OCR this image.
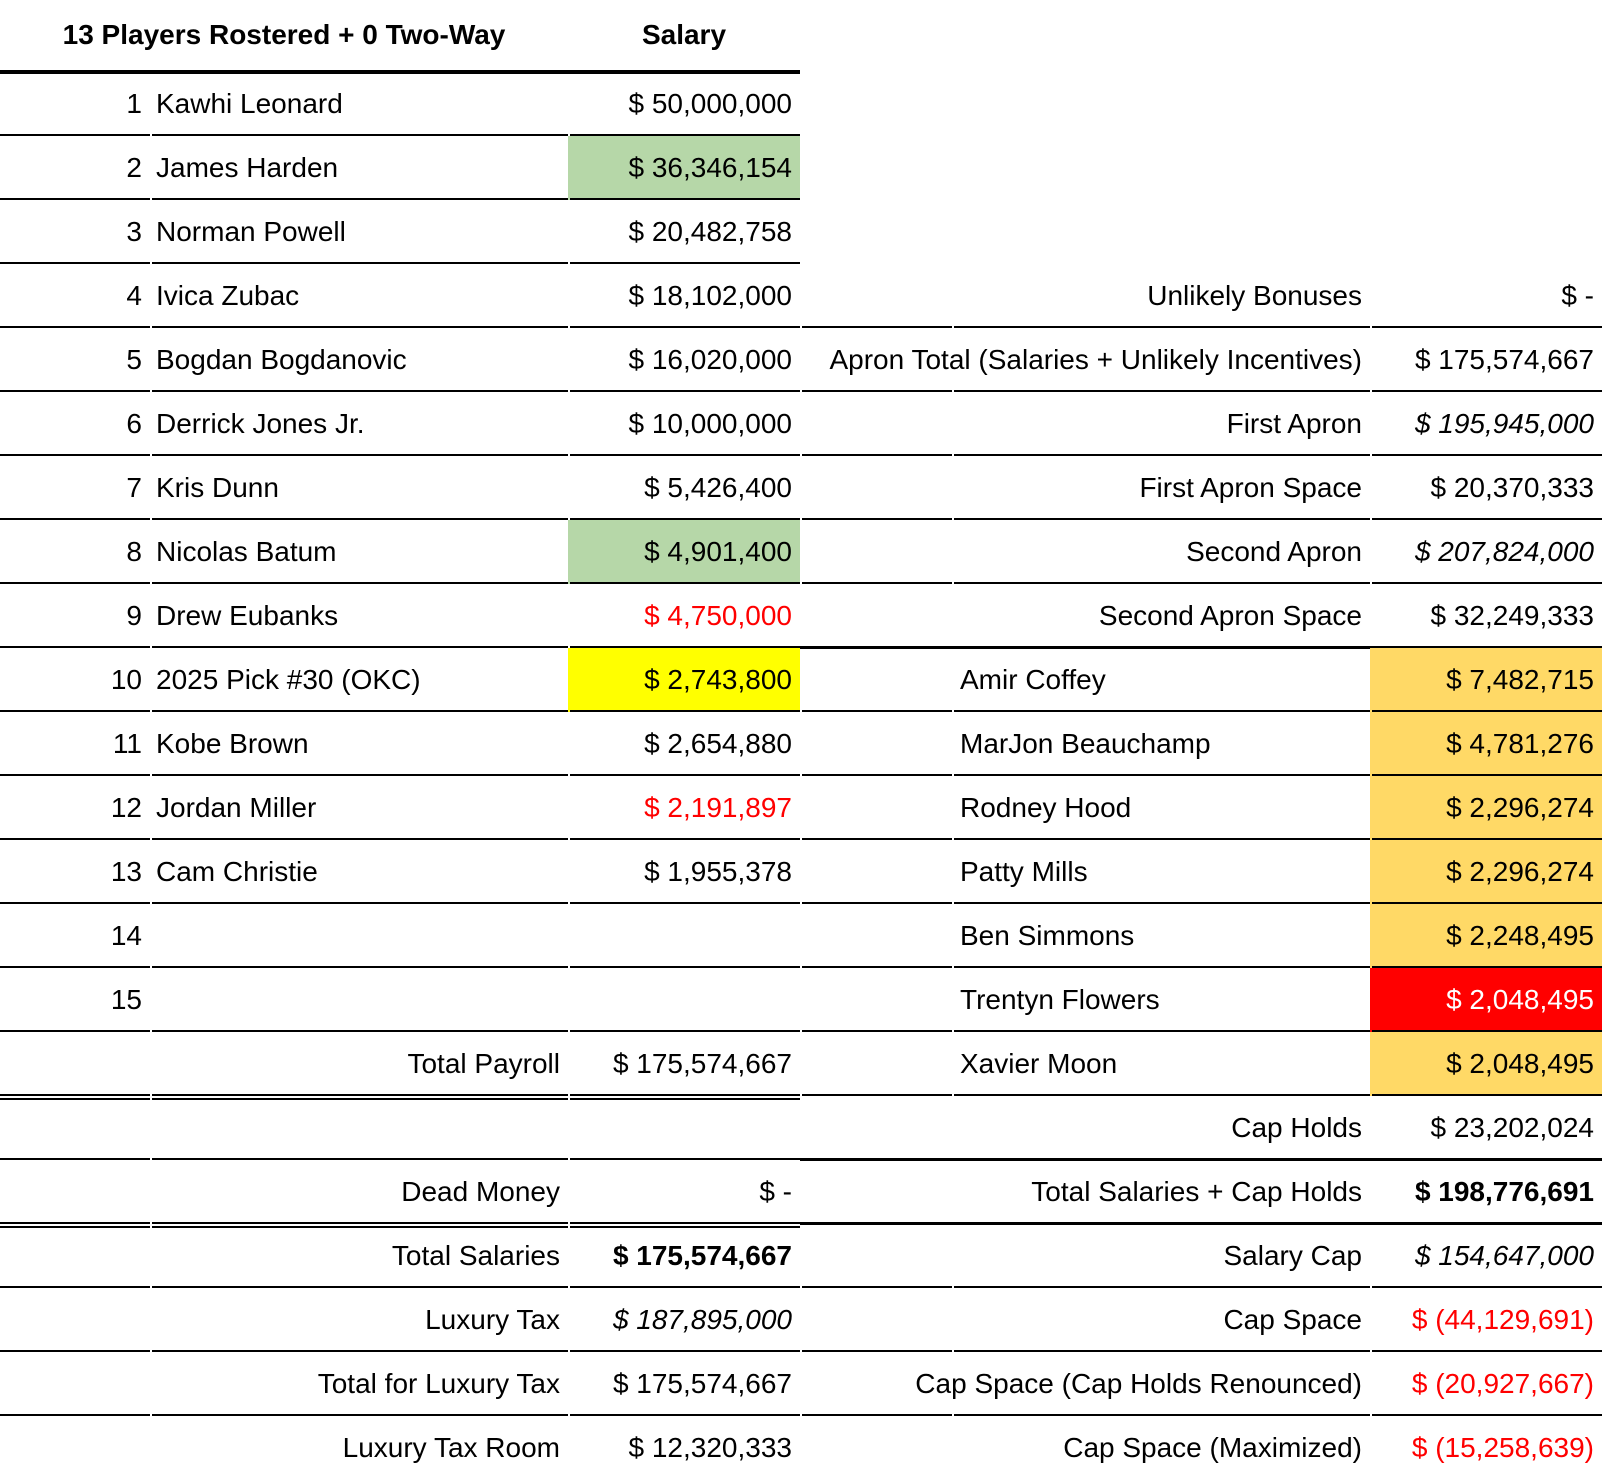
13 Players Rostered + 0 Two-Way	Salary
1 Kawhi Leonard	$ 50,000,000
2 James Harden	$ 36,346,154
3 Norman Powell	$ 20,482,758
4 Ivica Zubac	$ 18,102,000
5 Bogdan Bogdanovic	$ 16,020,000
6 Derrick Jones Jr.	$ 10,000,000
7 Kris Dunn	$ 5,426,400
8 Nicolas Batum	$ 4,901,400
9 Drew Eubanks	$ 4,750,000
10 2025 Pick #30 (OKC)	$ 2,743,800
11 Kobe Brown	$ 2,654,880
12 Jordan Miller	$ 2,191,897
13 Cam Christie	$ 1,955,378
14
15
Total Payroll	$ 175,574,667
Dead Money	$ -
Total Salaries	$ 175,574,667
Luxury Tax	$ 187,895,000
Total for Luxury Tax	$ 175,574,667
Luxury Tax Room	$ 12,320,333
Unlikely Bonuses	$ -
Apron Total (Salaries + Unlikely Incentives)	$ 175,574,667
First Apron	$ 195,945,000
First Apron Space	$ 20,370,333
Second Apron	$ 207,824,000
Second Apron Space	$ 32,249,333
Amir Coffey	$ 7,482,715
MarJon Beauchamp	$ 4,781,276
Rodney Hood	$ 2,296,274
Patty Mills	$ 2,296,274
Ben Simmons	$ 2,248,495
Trentyn Flowers	$ 2,048,495
Xavier Moon	$ 2,048,495
Cap Holds	$ 23,202,024
Total Salaries + Cap Holds	$ 198,776,691
Salary Cap	$ 154,647,000
Cap Space	$ (44,129,691)
Cap Space (Cap Holds Renounced)	$ (20,927,667)
Cap Space (Maximized)	$ (15,258,639)
